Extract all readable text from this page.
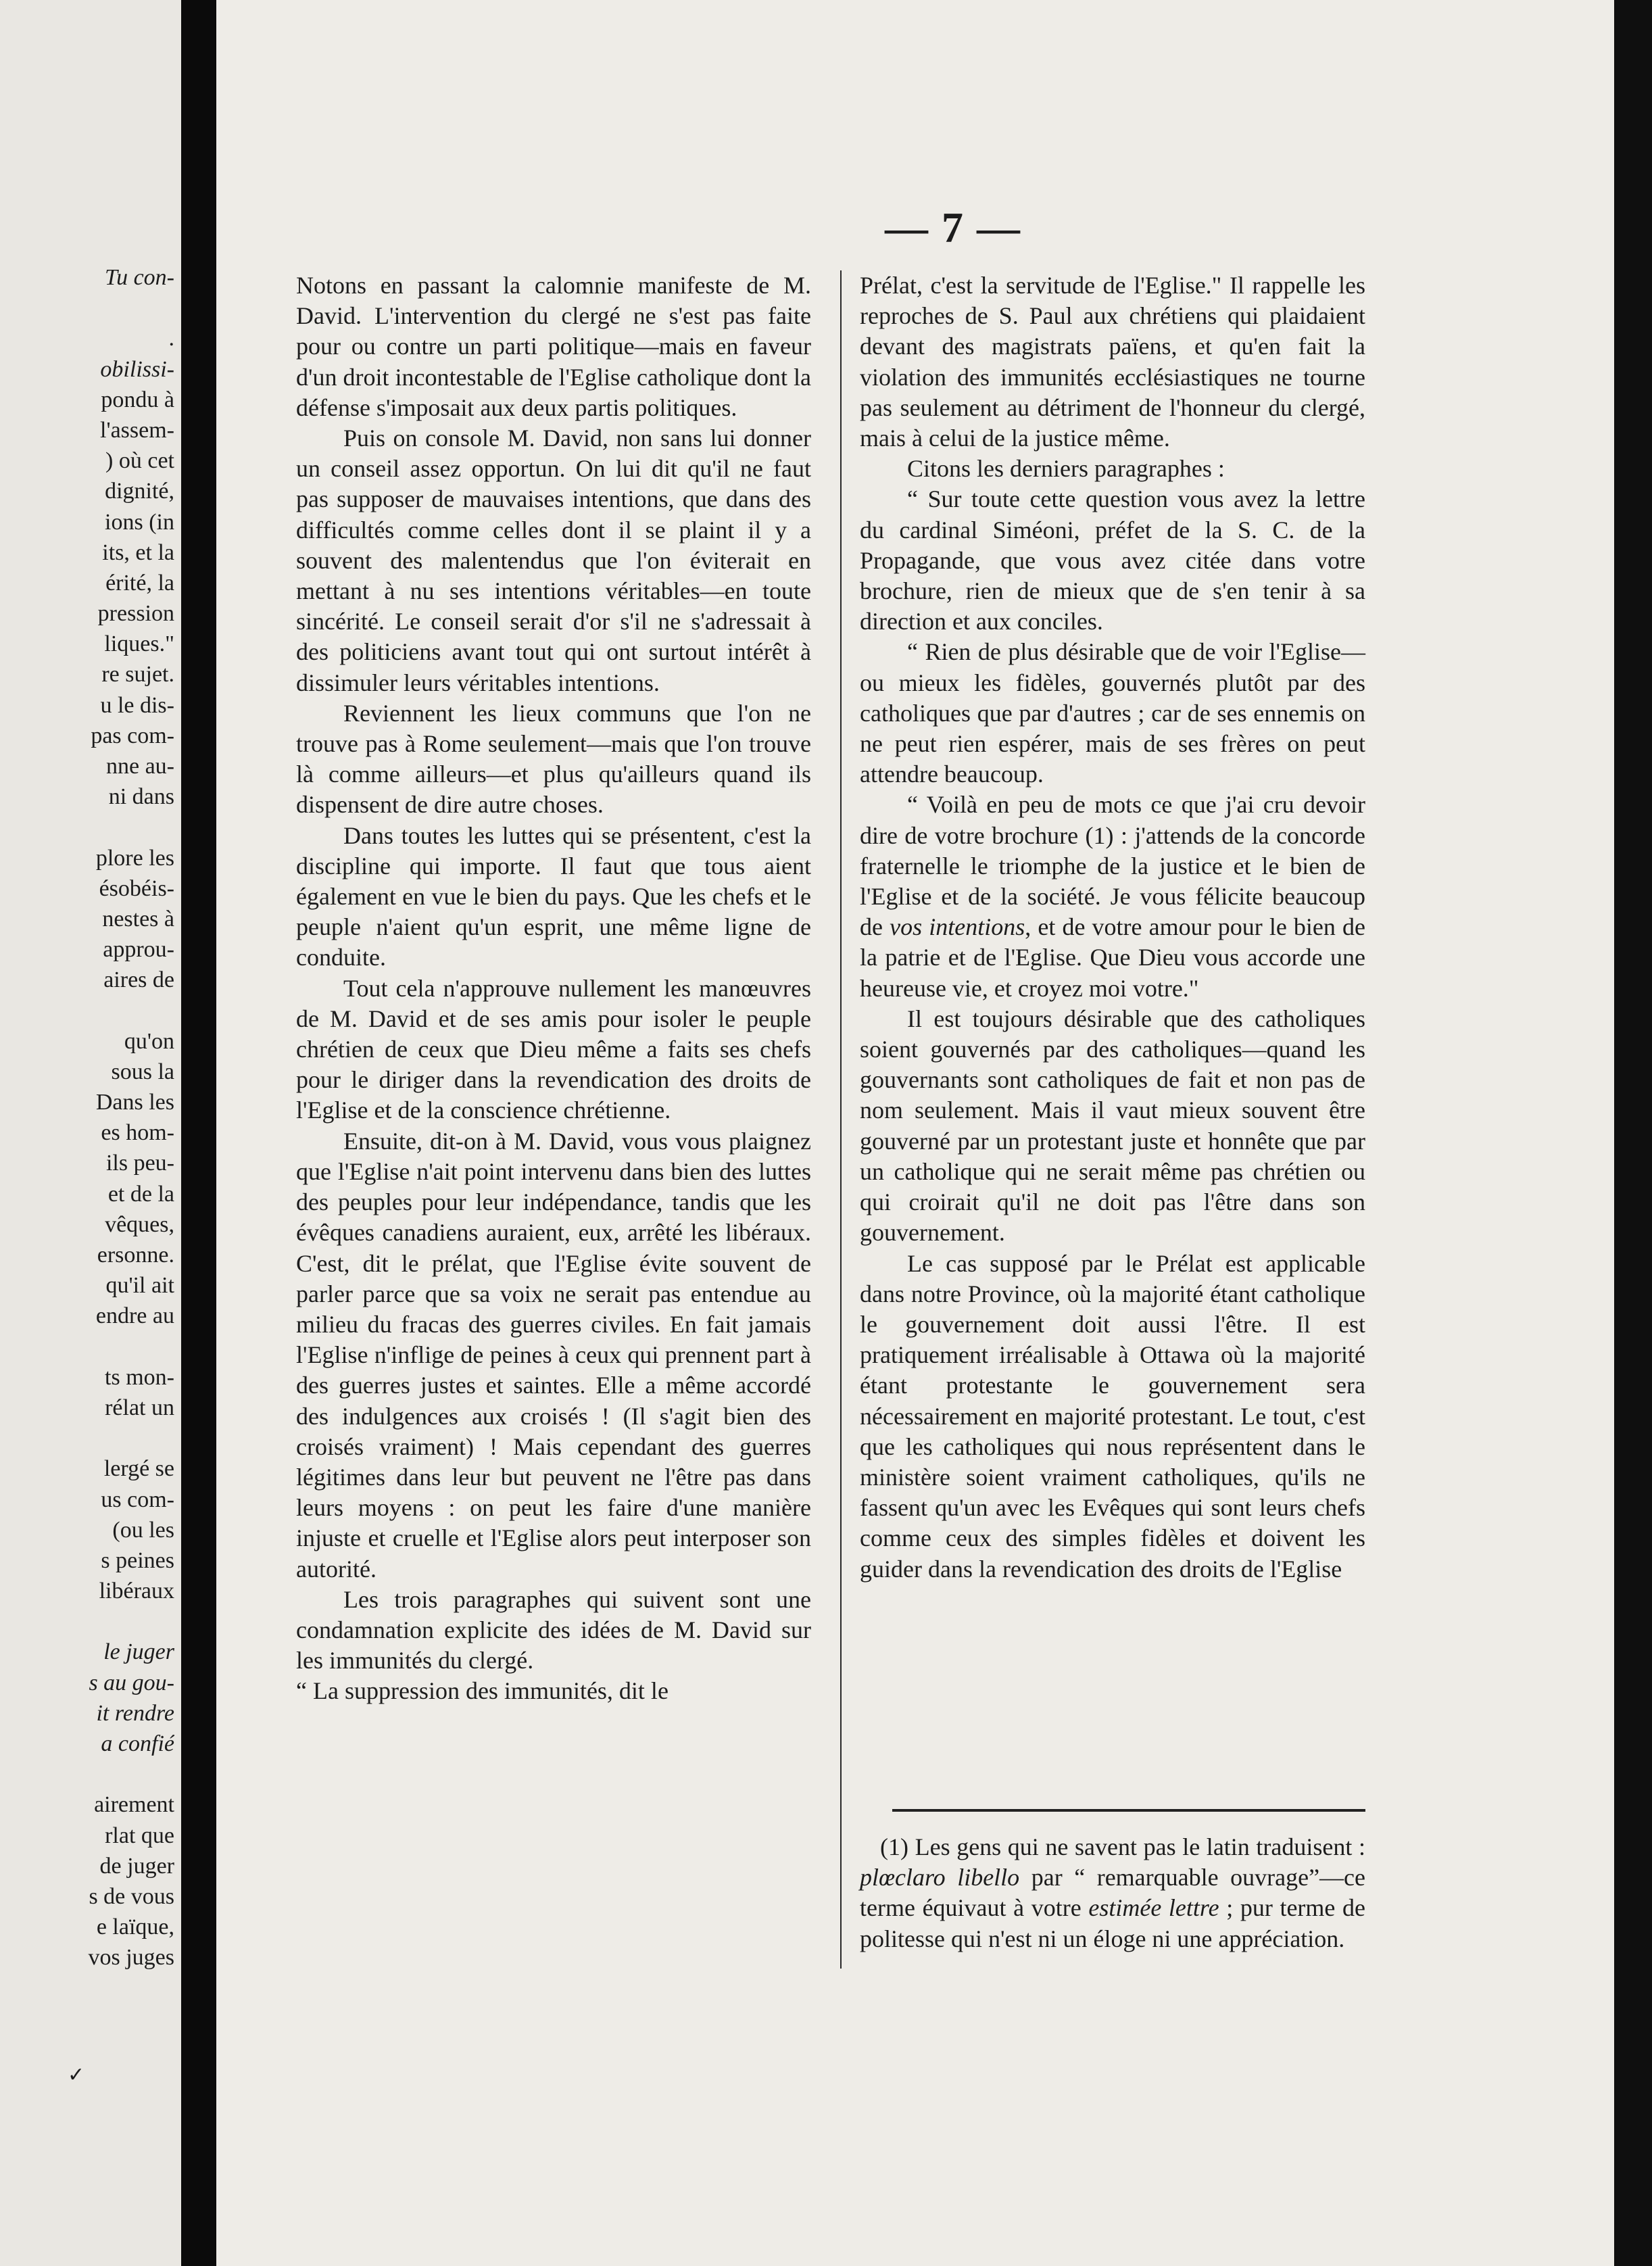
Tu con-
.
obilissi-
pondu à
l'assem-
) où cet
dignité,
ions (in
its, et la
érité, la
pression
liques."
re sujet.
u le dis-
pas com-
nne au-
ni dans
plore les
ésobéis-
nestes à
approu-
aires de
qu'on
sous la
Dans les
es hom-
ils peu-
et de la
vêques,
ersonne.
qu'il ait
endre au
ts mon-
rélat un
lergé se
us com-
(ou les
s peines
libéraux
le juger
s au gou-
it rendre
a confié
airement
rlat que
de juger
s de vous
e laïque,
vos juges
✓
— 7 —

Notons en passant la calomnie manifeste de M. David. L'intervention du clergé ne s'est pas faite pour ou contre un parti politique—mais en faveur d'un droit incontestable de l'Eglise catholique dont la défense s'imposait aux deux partis politiques.

Puis on console M. David, non sans lui donner un conseil assez opportun. On lui dit qu'il ne faut pas supposer de mauvaises intentions, que dans des difficultés comme celles dont il se plaint il y a souvent des malentendus que l'on éviterait en mettant à nu ses intentions véritables—en toute sincérité. Le conseil serait d'or s'il ne s'adressait à des politiciens avant tout qui ont surtout intérêt à dissimuler leurs véritables intentions.

Reviennent les lieux communs que l'on ne trouve pas à Rome seulement—mais que l'on trouve là comme ailleurs—et plus qu'ailleurs quand ils dispensent de dire autre choses.

Dans toutes les luttes qui se présentent, c'est la discipline qui importe. Il faut que tous aient également en vue le bien du pays. Que les chefs et le peuple n'aient qu'un esprit, une même ligne de conduite.

Tout cela n'approuve nullement les manœuvres de M. David et de ses amis pour isoler le peuple chrétien de ceux que Dieu même a faits ses chefs pour le diriger dans la revendication des droits de l'Eglise et de la conscience chrétienne.

Ensuite, dit-on à M. David, vous vous plaignez que l'Eglise n'ait point intervenu dans bien des luttes des peuples pour leur indépendance, tandis que les évêques canadiens auraient, eux, arrêté les libéraux. C'est, dit le prélat, que l'Eglise évite souvent de parler parce que sa voix ne serait pas entendue au milieu du fracas des guerres civiles. En fait jamais l'Eglise n'inflige de peines à ceux qui prennent part à des guerres justes et saintes. Elle a même accordé des indulgences aux croisés ! (Il s'agit bien des croisés vraiment) ! Mais cependant des guerres légitimes dans leur but peuvent ne l'être pas dans leurs moyens : on peut les faire d'une manière injuste et cruelle et l'Eglise alors peut interposer son autorité.

Les trois paragraphes qui suivent sont une condamnation explicite des idées de M. David sur les immunités du clergé.

“ La suppression des immunités, dit le

Prélat, c'est la servitude de l'Eglise." Il rappelle les reproches de S. Paul aux chrétiens qui plaidaient devant des magistrats païens, et qu'en fait la violation des immunités ecclésiastiques ne tourne pas seulement au détriment de l'honneur du clergé, mais à celui de la justice même.

Citons les derniers paragraphes :

“ Sur toute cette question vous avez la lettre du cardinal Siméoni, préfet de la S. C. de la Propagande, que vous avez citée dans votre brochure, rien de mieux que de s'en tenir à sa direction et aux conciles.

“ Rien de plus désirable que de voir l'Eglise—ou mieux les fidèles, gouvernés plutôt par des catholiques que par d'autres ; car de ses ennemis on ne peut rien espérer, mais de ses frères on peut attendre beaucoup.

“ Voilà en peu de mots ce que j'ai cru devoir dire de votre brochure (1) : j'attends de la concorde fraternelle le triomphe de la justice et le bien de l'Eglise et de la société. Je vous félicite beaucoup de vos intentions, et de votre amour pour le bien de la patrie et de l'Eglise. Que Dieu vous accorde une heureuse vie, et croyez moi votre."

Il est toujours désirable que des catholiques soient gouvernés par des catholiques—quand les gouvernants sont catholiques de fait et non pas de nom seulement. Mais il vaut mieux souvent être gouverné par un protestant juste et honnête que par un catholique qui ne serait même pas chrétien ou qui croirait qu'il ne doit pas l'être dans son gouvernement.

Le cas supposé par le Prélat est applicable dans notre Province, où la majorité étant catholique le gouvernement doit aussi l'être. Il est pratiquement irréalisable à Ottawa où la majorité étant protestante le gouvernement sera nécessairement en majorité protestant. Le tout, c'est que les catholiques qui nous représentent dans le ministère soient vraiment catholiques, qu'ils ne fassent qu'un avec les Evêques qui sont leurs chefs comme ceux des simples fidèles et doivent les guider dans la revendication des droits de l'Eglise

(1) Les gens qui ne savent pas le latin traduisent : plœclaro libello par “ remarquable ouvrage”—ce terme équivaut à votre estimée lettre ; pur terme de politesse qui n'est ni un éloge ni une appréciation.
